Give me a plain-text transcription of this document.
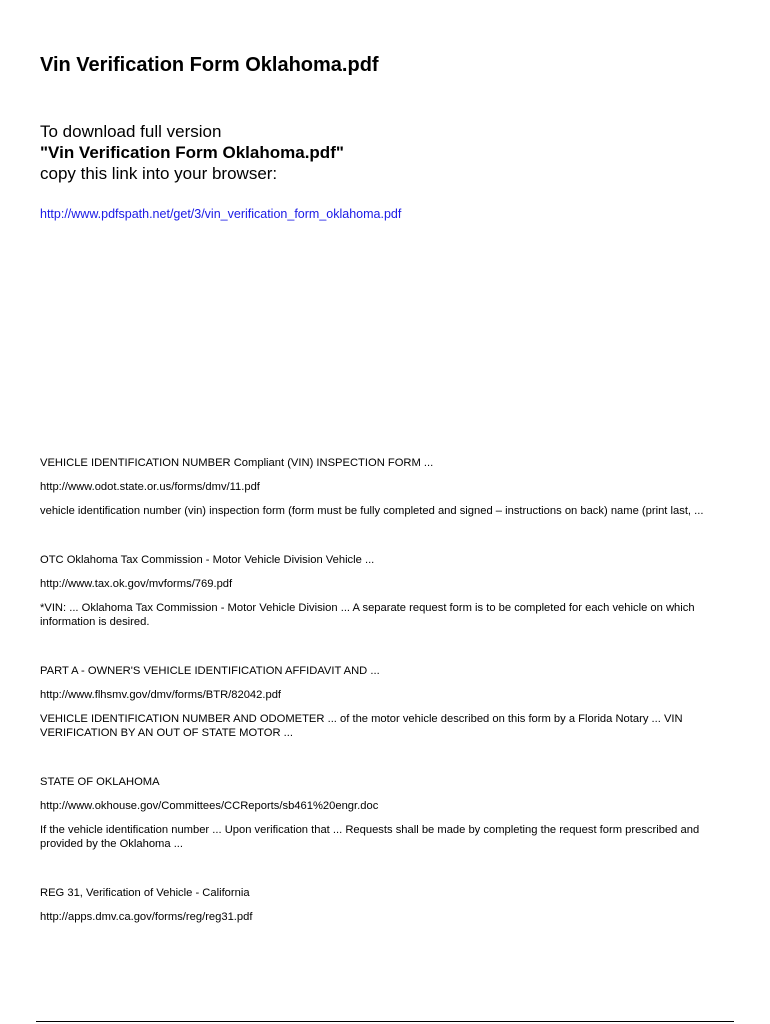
Vin Verification Form Oklahoma.pdf
To download full version
"Vin Verification Form Oklahoma.pdf"
copy this link into your browser:
http://www.pdfspath.net/get/3/vin_verification_form_oklahoma.pdf
VEHICLE IDENTIFICATION NUMBER Compliant (VIN) INSPECTION FORM ...
http://www.odot.state.or.us/forms/dmv/11.pdf
vehicle identification number (vin) inspection form (form must be fully completed and signed – instructions on back) name (print last, ...
OTC Oklahoma Tax Commission - Motor Vehicle Division Vehicle ...
http://www.tax.ok.gov/mvforms/769.pdf
*VIN: ... Oklahoma Tax Commission - Motor Vehicle Division ... A separate request form is to be completed for each vehicle on which information is desired.
PART A - OWNER'S VEHICLE IDENTIFICATION AFFIDAVIT AND ...
http://www.flhsmv.gov/dmv/forms/BTR/82042.pdf
VEHICLE IDENTIFICATION NUMBER AND ODOMETER ... of the motor vehicle described on this form by a Florida Notary ... VIN VERIFICATION BY AN OUT OF STATE MOTOR ...
STATE OF OKLAHOMA
http://www.okhouse.gov/Committees/CCReports/sb461%20engr.doc
If the vehicle identification number ... Upon verification that ... Requests shall be made by completing the request form prescribed and provided by the Oklahoma ...
REG 31, Verification of Vehicle - California
http://apps.dmv.ca.gov/forms/reg/reg31.pdf
